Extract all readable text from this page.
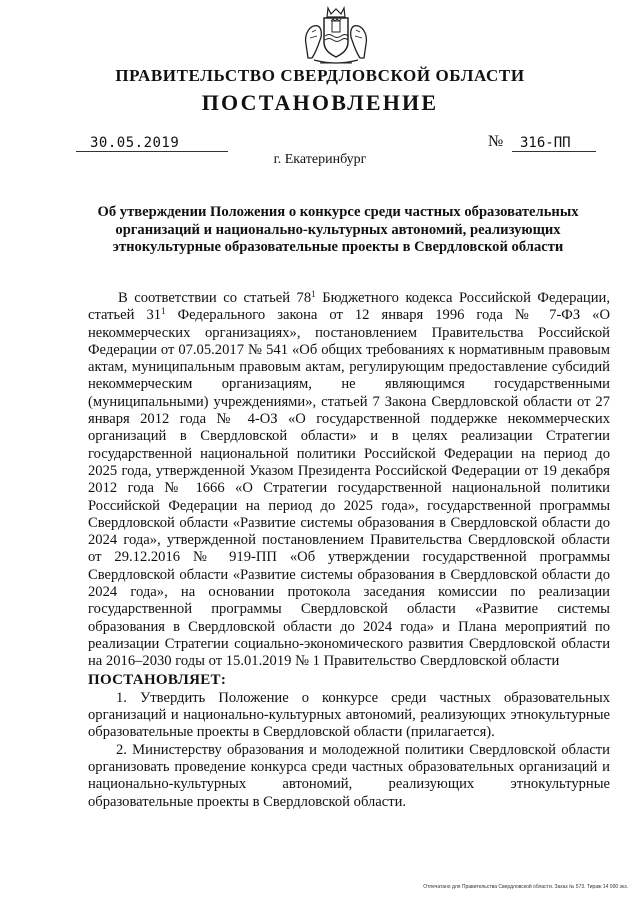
ПРАВИТЕЛЬСТВО СВЕРДЛОВСКОЙ ОБЛАСТИ
ПОСТАНОВЛЕНИЕ
30.05.2019	№	316-ПП
г. Екатеринбург
Об утверждении Положения о конкурсе среди частных образовательных организаций и национально-культурных автономий, реализующих этнокультурные образовательные проекты в Свердловской области

В соответствии со статьей $78^1$ Бюджетного кодекса Российской Федерации, статьей $31^1$ Федерального закона от 12 января 1996 года № 7-ФЗ «О некоммерческих организациях», постановлением Правительства Российской Федерации от 07.05.2017 № 541 «Об общих требованиях к нормативным правовым актам, муниципальным правовым актам, регулирующим предоставление субсидий некоммерческим организациям, не являющимся государственными (муниципальными) учреждениями», статьей 7 Закона Свердловской области от 27 января 2012 года № 4-ОЗ «О государственной поддержке некоммерческих организаций в Свердловской области» и в целях реализации Стратегии государственной национальной политики Российской Федерации на период до 2025 года, утвержденной Указом Президента Российской Федерации от 19 декабря 2012 года № 1666 «О Стратегии государственной национальной политики Российской Федерации на период до 2025 года», государственной программы Свердловской области «Развитие системы образования в Свердловской области до 2024 года», утвержденной постановлением Правительства Свердловской области от 29.12.2016 № 919-ПП «Об утверждении государственной программы Свердловской области «Развитие системы образования в Свердловской области до 2024 года», на основании протокола заседания комиссии по реализации государственной программы Свердловской области «Развитие системы образования в Свердловской области до 2024 года» и Плана мероприятий по реализации Стратегии социально-экономического развития Свердловской области на 2016–2030 годы от 15.01.2019 № 1 Правительство Свердловской области

ПОСТАНОВЛЯЕТ:

1. Утвердить Положение о конкурсе среди частных образовательных организаций и национально-культурных автономий, реализующих этнокультурные образовательные проекты в Свердловской области (прилагается).

2. Министерству образования и молодежной политики Свердловской области организовать проведение конкурса среди частных образовательных организаций и национально-культурных автономий, реализующих этнокультурные образовательные проекты в Свердловской области.

Отпечатано для Правительства Свердловской области. Заказ № 573. Тираж 14 000 экз.
